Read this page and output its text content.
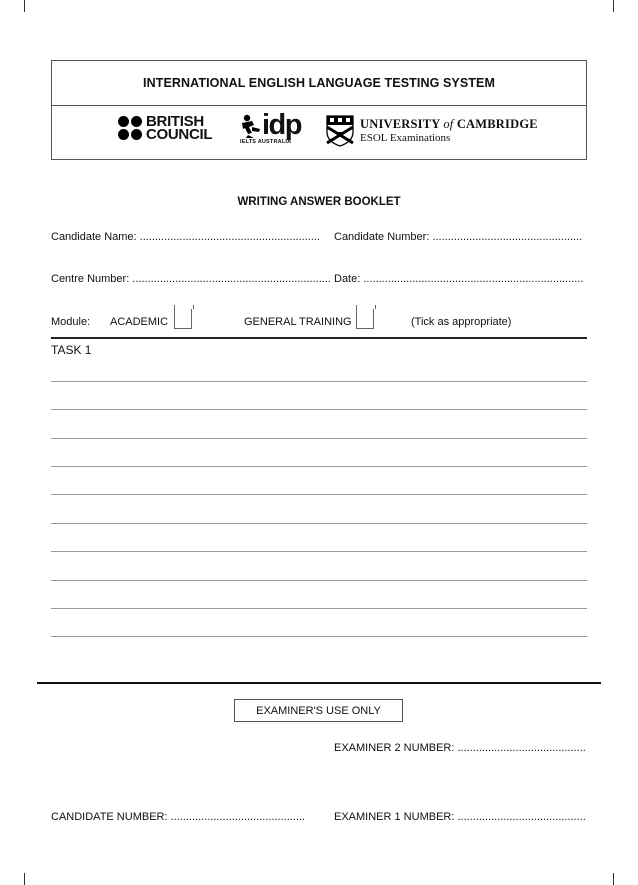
INTERNATIONAL ENGLISH LANGUAGE TESTING SYSTEM
BRITISH
COUNCIL idp
IELTS AUSTRALIA
UNIVERSITY of CAMBRIDGE
ESOL Examinations
WRITING ANSWER BOOKLET
Candidate Name: ........................................................... Candidate Number: .................................................
Centre Number: ................................................................. Date: ........................................................................
Module: ACADEMIC	GENERAL TRAINING	(Tick as appropriate)
TASK 1
EXAMINER'S USE ONLY
EXAMINER 2 NUMBER: ..........................................
CANDIDATE NUMBER: ............................................	EXAMINER 1 NUMBER: ..........................................
